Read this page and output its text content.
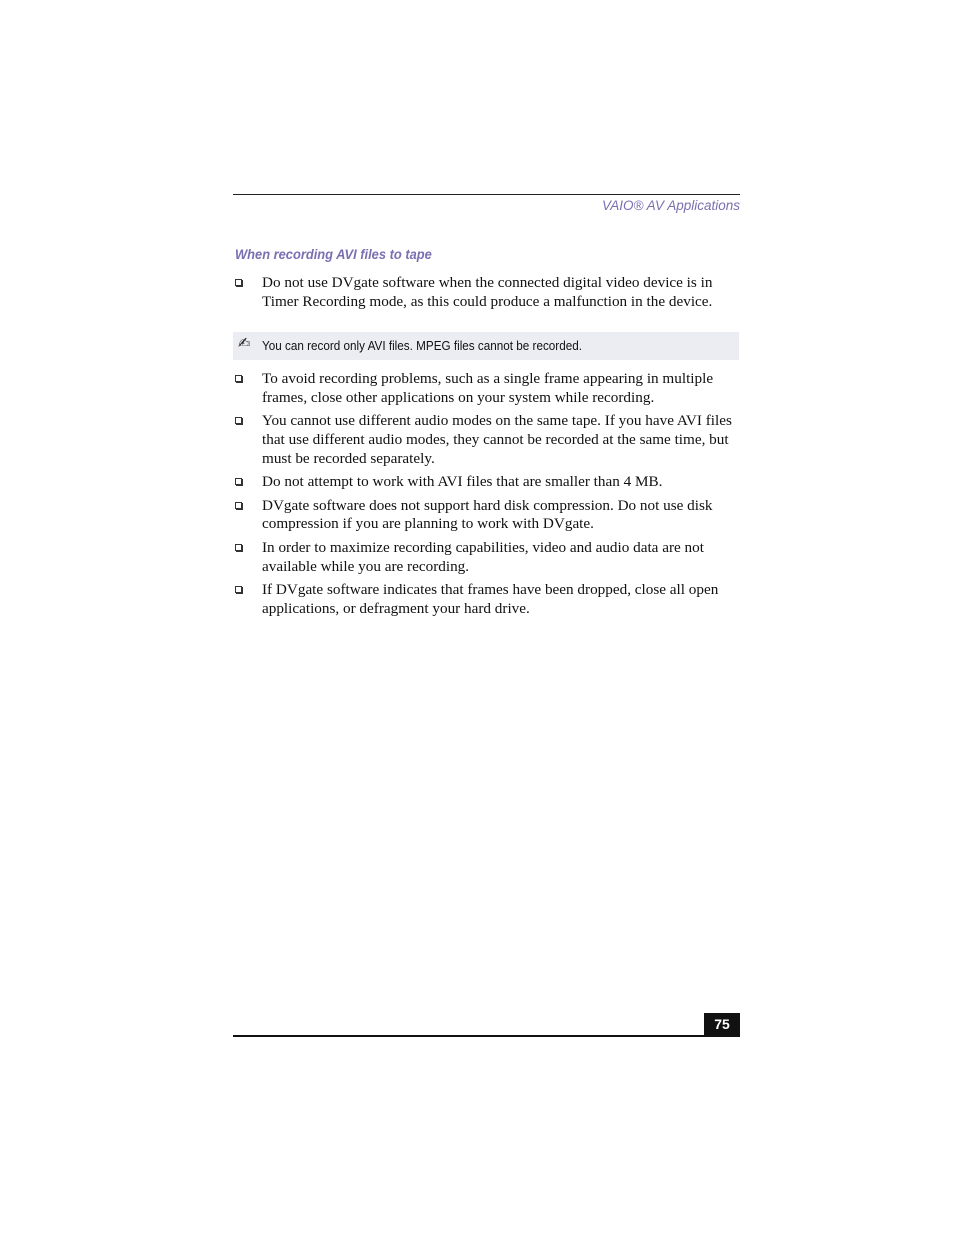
VAIO® AV Applications
When recording AVI files to tape
Do not use DVgate software when the connected digital video device is in Timer Recording mode, as this could produce a malfunction in the device.
✍ You can record only AVI files. MPEG files cannot be recorded.
To avoid recording problems, such as a single frame appearing in multiple frames, close other applications on your system while recording.
You cannot use different audio modes on the same tape. If you have AVI files that use different audio modes, they cannot be recorded at the same time, but must be recorded separately.
Do not attempt to work with AVI files that are smaller than 4 MB.
DVgate software does not support hard disk compression. Do not use disk compression if you are planning to work with DVgate.
In order to maximize recording capabilities, video and audio data are not available while you are recording.
If DVgate software indicates that frames have been dropped, close all open applications, or defragment your hard drive.
75
